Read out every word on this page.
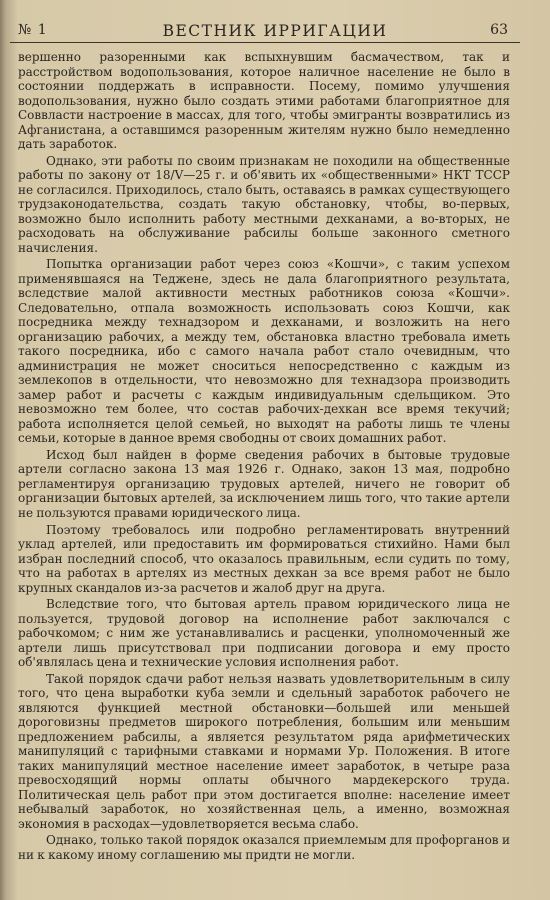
№ 1	ВЕСТНИК ИРРИГАЦИИ	63

вершенно разоренными как вспыхнувшим басмачеством, так и расстройством водопользования, которое наличное население не было в состоянии поддержать в исправности. Посему, помимо улучшения водопользования, нужно было создать этими работами благоприятное для Соввласти настроение в массах, для того, чтобы эмигранты возвратились из Афганистана, а оставшимся разоренным жителям нужно было немедленно дать заработок.

Однако, эти работы по своим признакам не походили на общественные работы по закону от 18/V—25 г. и об'явить их «общественными» НКТ ТССР не согласился. Приходилось, стало быть, оставаясь в рамках существующего трудзаконодательства, создать такую обстановку, чтобы, во-первых, возможно было исполнить работу местными дехканами, а во-вторых, не расходовать на обслуживание рабсилы больше законного сметного начисления.

Попытка организации работ через союз «Кошчи», с таким успехом применявшаяся на Теджене, здесь не дала благоприятного результата, вследствие малой активности местных работников союза «Кошчи». Следовательно, отпала возможность использовать союз Кошчи, как посредника между технадзором и дехканами, и возложить на него организацию рабочих, а между тем, обстановка властно требовала иметь такого посредника, ибо с самого начала работ стало очевидным, что администрация не может сноситься непосредственно с каждым из землекопов в отдельности, что невозможно для технадзора производить замер работ и расчеты с каждым индивидуальным сдельщиком. Это невозможно тем более, что состав рабочих-дехкан все время текучий; работа исполняется целой семьей, но выходят на работы лишь те члены семьи, которые в данное время свободны от своих домашних работ.

Исход был найден в форме сведения рабочих в бытовые трудовые артели согласно закона 13 мая 1926 г. Однако, закон 13 мая, подробно регламентируя организацию трудовых артелей, ничего не говорит об организации бытовых артелей, за исключением лишь того, что такие артели не пользуются правами юридического лица.

Поэтому требовалось или подробно регламентировать внутренний уклад артелей, или предоставить им формироваться стихийно. Нами был избран последний способ, что оказалось правильным, если судить по тому, что на работах в артелях из местных дехкан за все время работ не было крупных скандалов из-за расчетов и жалоб друг на друга.

Вследствие того, что бытовая артель правом юридического лица не пользуется, трудовой договор на исполнение работ заключался с рабочкомом; с ним же устанавливались и расценки, уполномоченный же артели лишь присутствовал при подписании договора и ему просто об'являлась цена и технические условия исполнения работ.

Такой порядок сдачи работ нельзя назвать удовлетворительным в силу того, что цена выработки куба земли и сдельный заработок рабочего не являются функцией местной обстановки—большей или меньшей дороговизны предметов широкого потребления, большим или меньшим предложением рабсилы, а является результатом ряда арифметических манипуляций с тарифными ставками и нормами Ур. Положения. В итоге таких манипуляций местное население имеет заработок, в четыре раза превосходящий нормы оплаты обычного мардекерского труда. Политическая цель работ при этом достигается вполне: население имеет небывалый заработок, но хозяйственная цель, а именно, возможная экономия в расходах—удовлетворяется весьма слабо.

Однако, только такой порядок оказался приемлемым для профорганов и ни к какому иному соглашению мы придти не могли.
